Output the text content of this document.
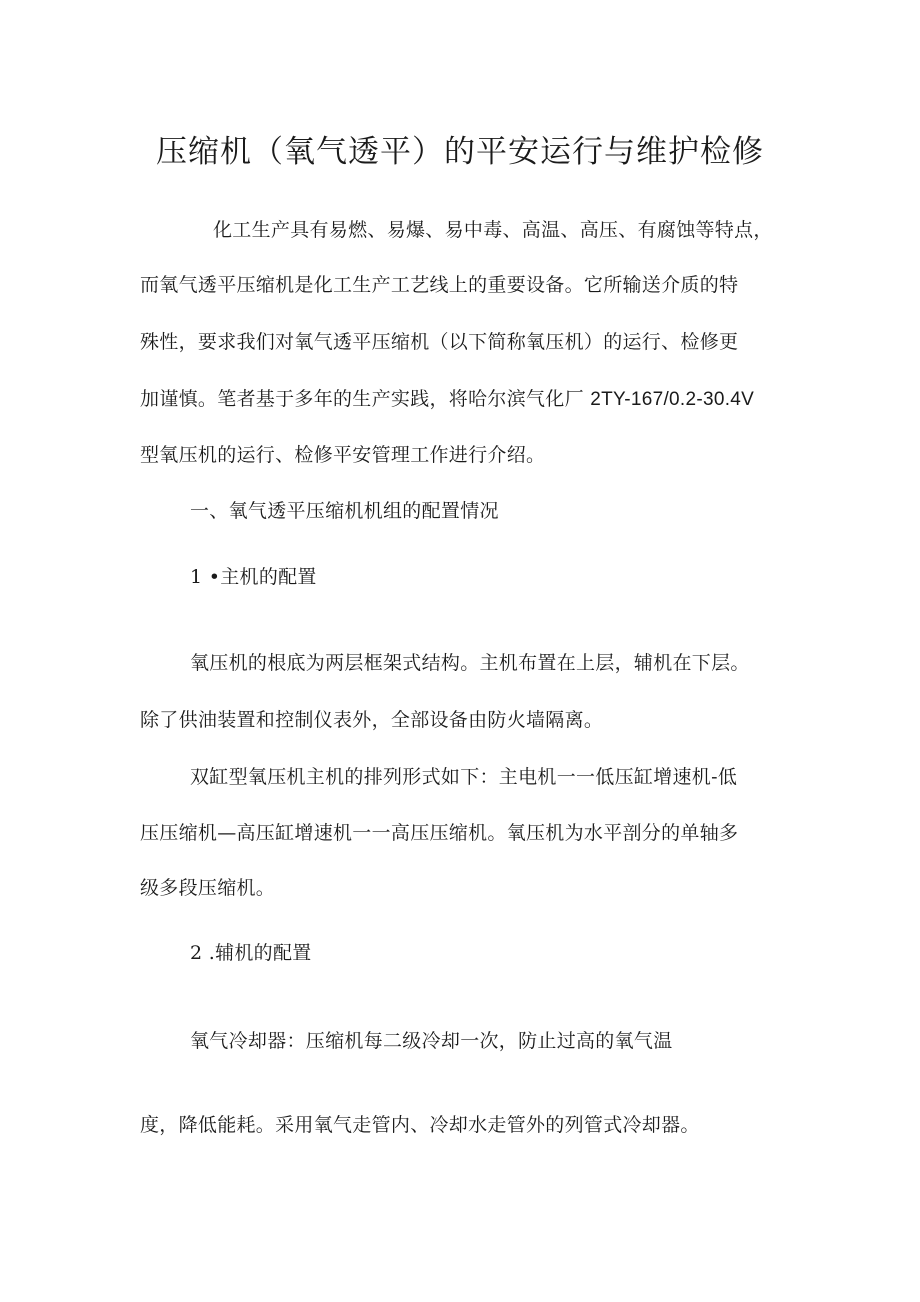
压缩机（氧气透平）的平安运行与维护检修
化工生产具有易燃、易爆、易中毒、高温、高压、有腐蚀等特点，
而氧气透平压缩机是化工生产工艺线上的重要设备。它所输送介质的特
殊性，要求我们对氧气透平压缩机（以下简称氧压机）的运行、检修更
加谨慎。笔者基于多年的生产实践，将哈尔滨气化厂 2TY-167/0.2-30.4V
型氧压机的运行、检修平安管理工作进行介绍。
一、氧气透平压缩机机组的配置情况
1 •主机的配置
氧压机的根底为两层框架式结构。主机布置在上层，辅机在下层。
除了供油装置和控制仪表外，全部设备由防火墙隔离。
双缸型氧压机主机的排列形式如下：主电机一一低压缸增速机-低
压压缩机—高压缸增速机一一高压压缩机。氧压机为水平剖分的单轴多
级多段压缩机。
2 .辅机的配置
氧气冷却器：压缩机每二级冷却一次，防止过高的氧气温
度，降低能耗。采用氧气走管内、冷却水走管外的列管式冷却器。
